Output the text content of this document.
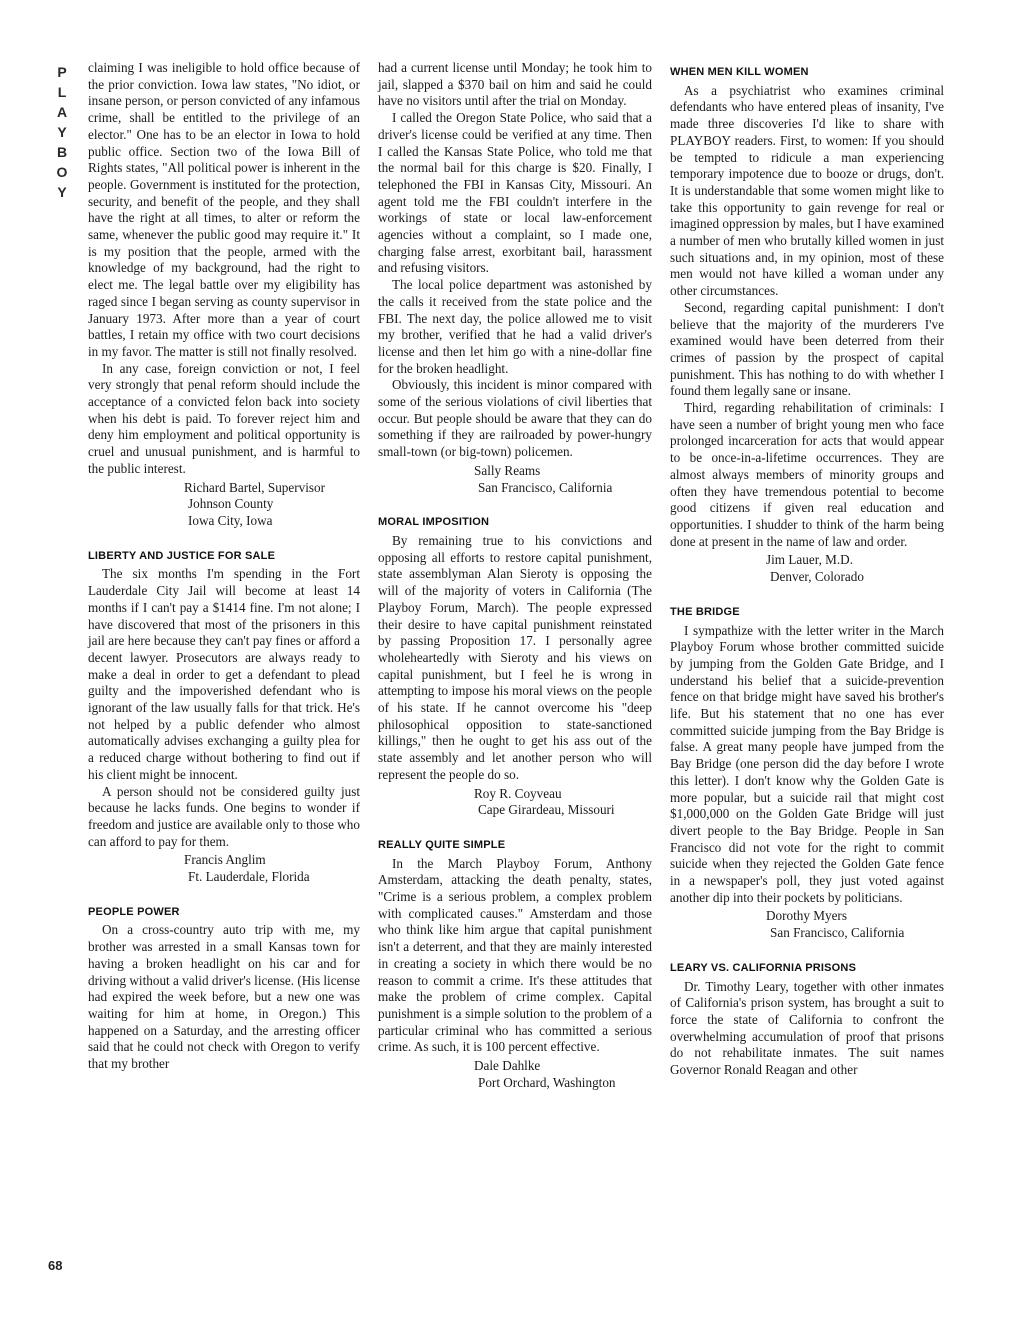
P
L
A
Y
B
O
Y

claiming I was ineligible to hold office because of the prior conviction. Iowa law states, "No idiot, or insane person, or person convicted of any infamous crime, shall be entitled to the privilege of an elector." One has to be an elector in Iowa to hold public office. Section two of the Iowa Bill of Rights states, "All political power is inherent in the people. Government is instituted for the protection, security, and benefit of the people, and they shall have the right at all times, to alter or reform the same, whenever the public good may require it." It is my position that the people, armed with the knowledge of my background, had the right to elect me. The legal battle over my eligibility has raged since I began serving as county supervisor in January 1973. After more than a year of court battles, I retain my office with two court decisions in my favor. The matter is still not finally resolved.

In any case, foreign conviction or not, I feel very strongly that penal reform should include the acceptance of a convicted felon back into society when his debt is paid. To forever reject him and deny him employment and political opportunity is cruel and unusual punishment, and is harmful to the public interest.

Richard Bartel, Supervisor
Johnson County
Iowa City, Iowa
LIBERTY AND JUSTICE FOR SALE

The six months I'm spending in the Fort Lauderdale City Jail will become at least 14 months if I can't pay a $1414 fine. I'm not alone; I have discovered that most of the prisoners in this jail are here because they can't pay fines or afford a decent lawyer. Prosecutors are always ready to make a deal in order to get a defendant to plead guilty and the impoverished defendant who is ignorant of the law usually falls for that trick. He's not helped by a public defender who almost automatically advises exchanging a guilty plea for a reduced charge without bothering to find out if his client might be innocent.

A person should not be considered guilty just because he lacks funds. One begins to wonder if freedom and justice are available only to those who can afford to pay for them.

Francis Anglim
Ft. Lauderdale, Florida
PEOPLE POWER

On a cross-country auto trip with me, my brother was arrested in a small Kansas town for having a broken headlight on his car and for driving without a valid driver's license. (His license had expired the week before, but a new one was waiting for him at home, in Oregon.) This happened on a Saturday, and the arresting officer said that he could not check with Oregon to verify that my brother

had a current license until Monday; he took him to jail, slapped a $370 bail on him and said he could have no visitors until after the trial on Monday.

I called the Oregon State Police, who said that a driver's license could be verified at any time. Then I called the Kansas State Police, who told me that the normal bail for this charge is $20. Finally, I telephoned the FBI in Kansas City, Missouri. An agent told me the FBI couldn't interfere in the workings of state or local law-enforcement agencies without a complaint, so I made one, charging false arrest, exorbitant bail, harassment and refusing visitors.

The local police department was astonished by the calls it received from the state police and the FBI. The next day, the police allowed me to visit my brother, verified that he had a valid driver's license and then let him go with a nine-dollar fine for the broken headlight.

Obviously, this incident is minor compared with some of the serious violations of civil liberties that occur. But people should be aware that they can do something if they are railroaded by power-hungry small-town (or big-town) policemen.

Sally Reams
San Francisco, California
MORAL IMPOSITION

By remaining true to his convictions and opposing all efforts to restore capital punishment, state assemblyman Alan Sieroty is opposing the will of the majority of voters in California (The Playboy Forum, March). The people expressed their desire to have capital punishment reinstated by passing Proposition 17. I personally agree wholeheartedly with Sieroty and his views on capital punishment, but I feel he is wrong in attempting to impose his moral views on the people of his state. If he cannot overcome his "deep philosophical opposition to state-sanctioned killings," then he ought to get his ass out of the state assembly and let another person who will represent the people do so.

Roy R. Coyveau
Cape Girardeau, Missouri
REALLY QUITE SIMPLE

In the March Playboy Forum, Anthony Amsterdam, attacking the death penalty, states, "Crime is a serious problem, a complex problem with complicated causes." Amsterdam and those who think like him argue that capital punishment isn't a deterrent, and that they are mainly interested in creating a society in which there would be no reason to commit a crime. It's these attitudes that make the problem of crime complex. Capital punishment is a simple solution to the problem of a particular criminal who has committed a serious crime. As such, it is 100 percent effective.

Dale Dahlke
Port Orchard, Washington
WHEN MEN KILL WOMEN

As a psychiatrist who examines criminal defendants who have entered pleas of insanity, I've made three discoveries I'd like to share with PLAYBOY readers. First, to women: If you should be tempted to ridicule a man experiencing temporary impotence due to booze or drugs, don't. It is understandable that some women might like to take this opportunity to gain revenge for real or imagined oppression by males, but I have examined a number of men who brutally killed women in just such situations and, in my opinion, most of these men would not have killed a woman under any other circumstances.

Second, regarding capital punishment: I don't believe that the majority of the murderers I've examined would have been deterred from their crimes of passion by the prospect of capital punishment. This has nothing to do with whether I found them legally sane or insane.

Third, regarding rehabilitation of criminals: I have seen a number of bright young men who face prolonged incarceration for acts that would appear to be once-in-a-lifetime occurrences. They are almost always members of minority groups and often they have tremendous potential to become good citizens if given real education and opportunities. I shudder to think of the harm being done at present in the name of law and order.

Jim Lauer, M.D.
Denver, Colorado
THE BRIDGE

I sympathize with the letter writer in the March Playboy Forum whose brother committed suicide by jumping from the Golden Gate Bridge, and I understand his belief that a suicide-prevention fence on that bridge might have saved his brother's life. But his statement that no one has ever committed suicide jumping from the Bay Bridge is false. A great many people have jumped from the Bay Bridge (one person did the day before I wrote this letter). I don't know why the Golden Gate is more popular, but a suicide rail that might cost $1,000,000 on the Golden Gate Bridge will just divert people to the Bay Bridge. People in San Francisco did not vote for the right to commit suicide when they rejected the Golden Gate fence in a newspaper's poll, they just voted against another dip into their pockets by politicians.

Dorothy Myers
San Francisco, California
LEARY VS. CALIFORNIA PRISONS

Dr. Timothy Leary, together with other inmates of California's prison system, has brought a suit to force the state of California to confront the overwhelming accumulation of proof that prisons do not rehabilitate inmates. The suit names Governor Ronald Reagan and other

68
